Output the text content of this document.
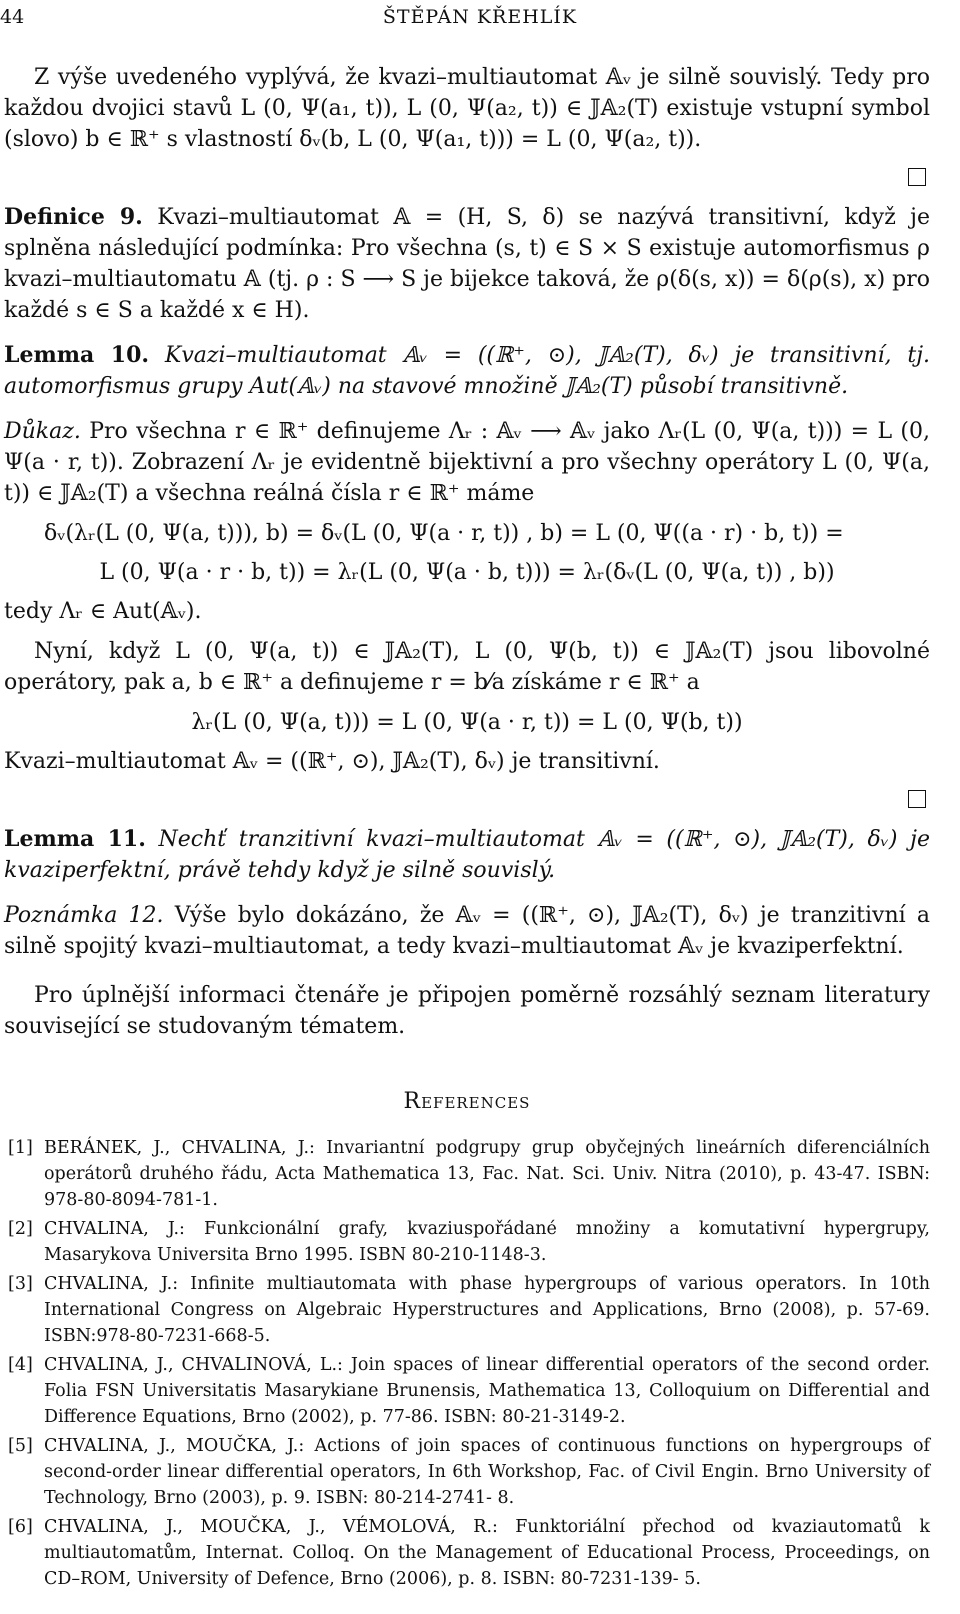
44	ŠTĚPÁN KŘEHLÍK

Z výše uvedeného vyplývá, že kvazi–multiautomat 𝔸ᵥ je silně souvislý. Tedy pro každou dvojici stavů L (0, Ψ(a₁, t)), L (0, Ψ(a₂, t)) ∈ 𝕁𝔸₂(T) existuje vstupní symbol (slovo) b ∈ ℝ⁺ s vlastností δᵥ(b, L (0, Ψ(a₁, t))) = L (0, Ψ(a₂, t)).

Definice 9. Kvazi–multiautomat 𝔸 = (H, S, δ) se nazývá transitivní, když je splněna následující podmínka: Pro všechna (s, t) ∈ S × S existuje automorfismus ρ kvazi–multiautomatu 𝔸 (tj. ρ : S ⟶ S je bijekce taková, že ρ(δ(s, x)) = δ(ρ(s), x) pro každé s ∈ S a každé x ∈ H).

Lemma 10. Kvazi–multiautomat 𝔸ᵥ = ((ℝ⁺, ⊙), 𝕁𝔸₂(T), δᵥ) je transitivní, tj. automorfismus grupy Aut(𝔸ᵥ) na stavové množině 𝕁𝔸₂(T) působí transitivně.

Důkaz. Pro všechna r ∈ ℝ⁺ definujeme Λᵣ : 𝔸ᵥ ⟶ 𝔸ᵥ jako Λᵣ(L (0, Ψ(a, t))) = L (0, Ψ(a · r, t)). Zobrazení Λᵣ je evidentně bijektivní a pro všechny operátory L (0, Ψ(a, t)) ∈ 𝕁𝔸₂(T) a všechna reálná čísla r ∈ ℝ⁺ máme

δᵥ(λᵣ(L (0, Ψ(a, t))), b) = δᵥ(L (0, Ψ(a · r, t)) , b) = L (0, Ψ((a · r) · b, t)) =
L (0, Ψ(a · r · b, t)) = λᵣ(L (0, Ψ(a · b, t))) = λᵣ(δᵥ(L (0, Ψ(a, t)) , b))

tedy Λᵣ ∈ Aut(𝔸ᵥ).

Nyní, když L (0, Ψ(a, t)) ∈ 𝕁𝔸₂(T), L (0, Ψ(b, t)) ∈ 𝕁𝔸₂(T) jsou libovolné operátory, pak a, b ∈ ℝ⁺ a definujeme r = b⁄a získáme r ∈ ℝ⁺ a

λᵣ(L (0, Ψ(a, t))) = L (0, Ψ(a · r, t)) = L (0, Ψ(b, t))

Kvazi–multiautomat 𝔸ᵥ = ((ℝ⁺, ⊙), 𝕁𝔸₂(T), δᵥ) je transitivní.

Lemma 11. Nechť tranzitivní kvazi–multiautomat 𝔸ᵥ = ((ℝ⁺, ⊙), 𝕁𝔸₂(T), δᵥ) je kvaziperfektní, právě tehdy když je silně souvislý.

Poznámka 12. Výše bylo dokázáno, že 𝔸ᵥ = ((ℝ⁺, ⊙), 𝕁𝔸₂(T), δᵥ) je tranzitivní a silně spojitý kvazi–multiautomat, a tedy kvazi–multiautomat 𝔸ᵥ je kvaziperfektní.

Pro úplnější informaci čtenáře je připojen poměrně rozsáhlý seznam literatury související se studovaným tématem.

References
[1] BERÁNEK, J., CHVALINA, J.: Invariantní podgrupy grup obyčejných lineárních diferenciálních operátorů druhého řádu, Acta Mathematica 13, Fac. Nat. Sci. Univ. Nitra (2010), p. 43-47. ISBN: 978-80-8094-781-1.
[2] CHVALINA, J.: Funkcionální grafy, kvaziuspořádané množiny a komutativní hypergrupy, Masarykova Universita Brno 1995. ISBN 80-210-1148-3.
[3] CHVALINA, J.: Infinite multiautomata with phase hypergroups of various operators. In 10th International Congress on Algebraic Hyperstructures and Applications, Brno (2008), p. 57-69. ISBN:978-80-7231-668-5.
[4] CHVALINA, J., CHVALINOVÁ, L.: Join spaces of linear differential operators of the second order. Folia FSN Universitatis Masarykiane Brunensis, Mathematica 13, Colloquium on Differential and Difference Equations, Brno (2002), p. 77-86. ISBN: 80-21-3149-2.
[5] CHVALINA, J., MOUČKA, J.: Actions of join spaces of continuous functions on hypergroups of second-order linear differential operators, In 6th Workshop, Fac. of Civil Engin. Brno University of Technology, Brno (2003), p. 9. ISBN: 80-214-2741- 8.
[6] CHVALINA, J., MOUČKA, J., VÉMOLOVÁ, R.: Funktoriální přechod od kvaziautomatů k multiautomatům, Internat. Colloq. On the Management of Educational Process, Proceedings, on CD–ROM, University of Defence, Brno (2006), p. 8. ISBN: 80-7231-139- 5.
